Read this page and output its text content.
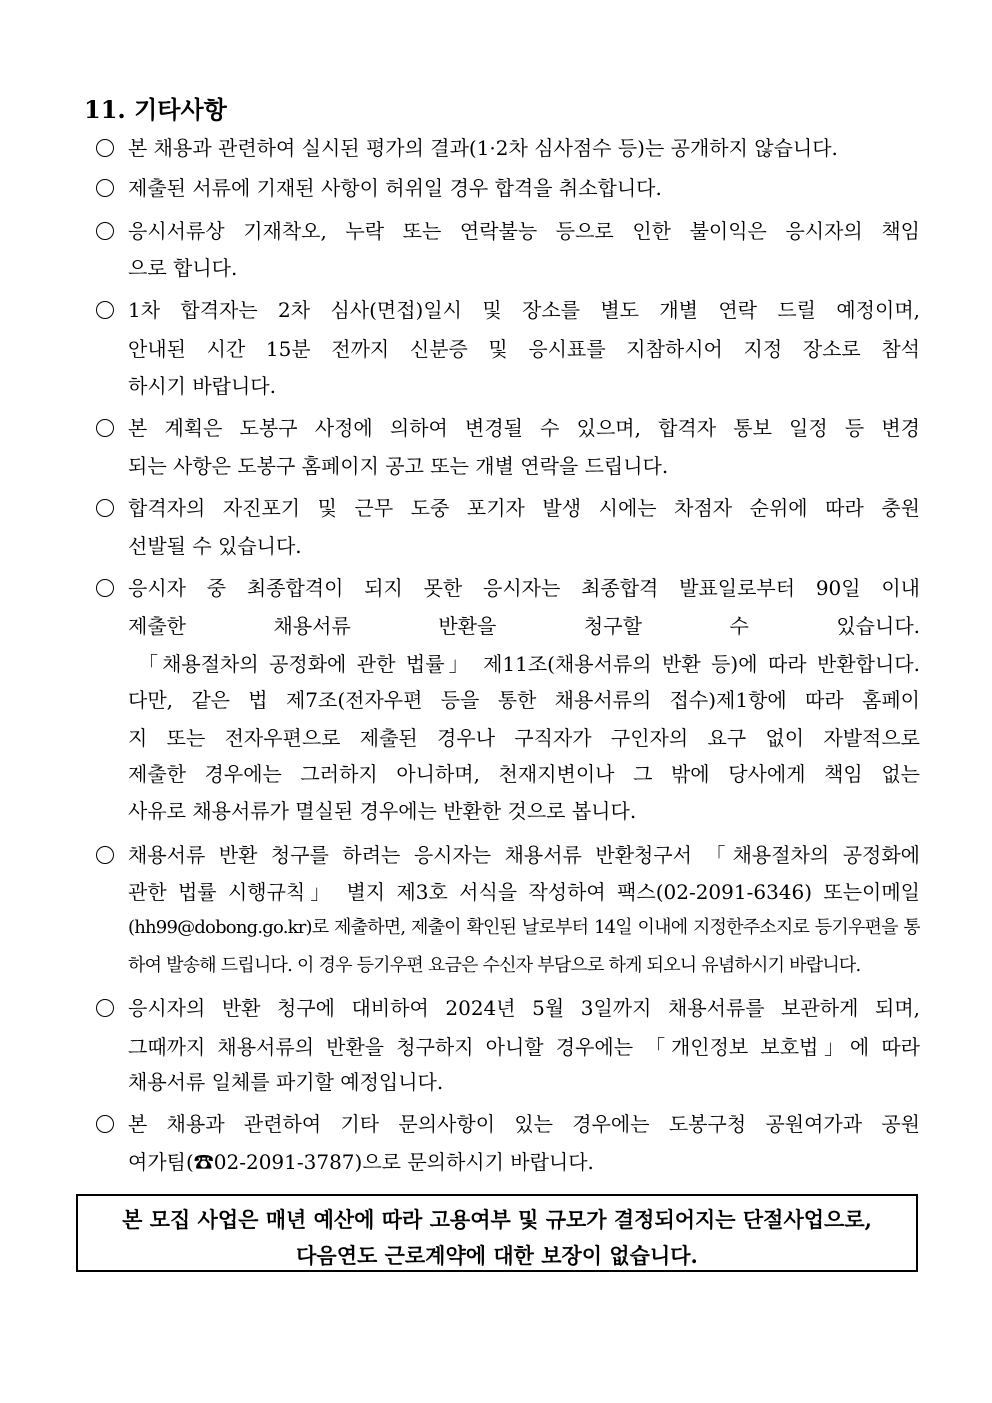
11. 기타사항
본 채용과 관련하여 실시된 평가의 결과(1·2차 심사점수 등)는 공개하지 않습니다.
제출된 서류에 기재된 사항이 허위일 경우 합격을 취소합니다.
응시서류상 기재착오, 누락 또는 연락불능 등으로 인한 불이익은 응시자의 책임
으로 합니다.
1차 합격자는 2차 심사(면접)일시 및 장소를 별도 개별 연락 드릴 예정이며,
안내된 시간 15분 전까지 신분증 및 응시표를 지참하시어 지정 장소로 참석
하시기 바랍니다.
본 계획은 도봉구 사정에 의하여 변경될 수 있으며, 합격자 통보 일정 등 변경
되는 사항은 도봉구 홈페이지 공고 또는 개별 연락을 드립니다.
합격자의 자진포기 및 근무 도중 포기자 발생 시에는 차점자 순위에 따라 충원
선발될 수 있습니다.
응시자 중 최종합격이 되지 못한 응시자는 최종합격 발표일로부터 90일 이내
제출한 채용서류 반환을 청구할 수 있습니다.
「채용절차의 공정화에 관한 법률」 제11조(채용서류의 반환 등)에 따라 반환합니다.
다만, 같은 법 제7조(전자우편 등을 통한 채용서류의 접수)제1항에 따라 홈페이
지 또는 전자우편으로 제출된 경우나 구직자가 구인자의 요구 없이 자발적으로
제출한 경우에는 그러하지 아니하며, 천재지변이나 그 밖에 당사에게 책임 없는
사유로 채용서류가 멸실된 경우에는 반환한 것으로 봅니다.
채용서류 반환 청구를 하려는 응시자는 채용서류 반환청구서 「채용절차의 공정화에
관한 법률 시행규칙」 별지 제3호 서식을 작성하여 팩스(02-2091-6346) 또는이메일
(hh99@dobong.go.kr)로 제출하면, 제출이 확인된 날로부터 14일 이내에 지정한주소지로 등기우편을 통
하여 발송해 드립니다. 이 경우 등기우편 요금은 수신자 부담으로 하게 되오니 유념하시기 바랍니다.
응시자의 반환 청구에 대비하여 2024년 5월 3일까지 채용서류를 보관하게 되며,
그때까지 채용서류의 반환을 청구하지 아니할 경우에는 「개인정보 보호법」에 따라
채용서류 일체를 파기할 예정입니다.
본 채용과 관련하여 기타 문의사항이 있는 경우에는 도봉구청 공원여가과 공원
여가팀(☎02-2091-3787)으로 문의하시기 바랍니다.
본 모집 사업은 매년 예산에 따라 고용여부 및 규모가 결정되어지는 단절사업으로,
다음연도 근로계약에 대한 보장이 없습니다.
